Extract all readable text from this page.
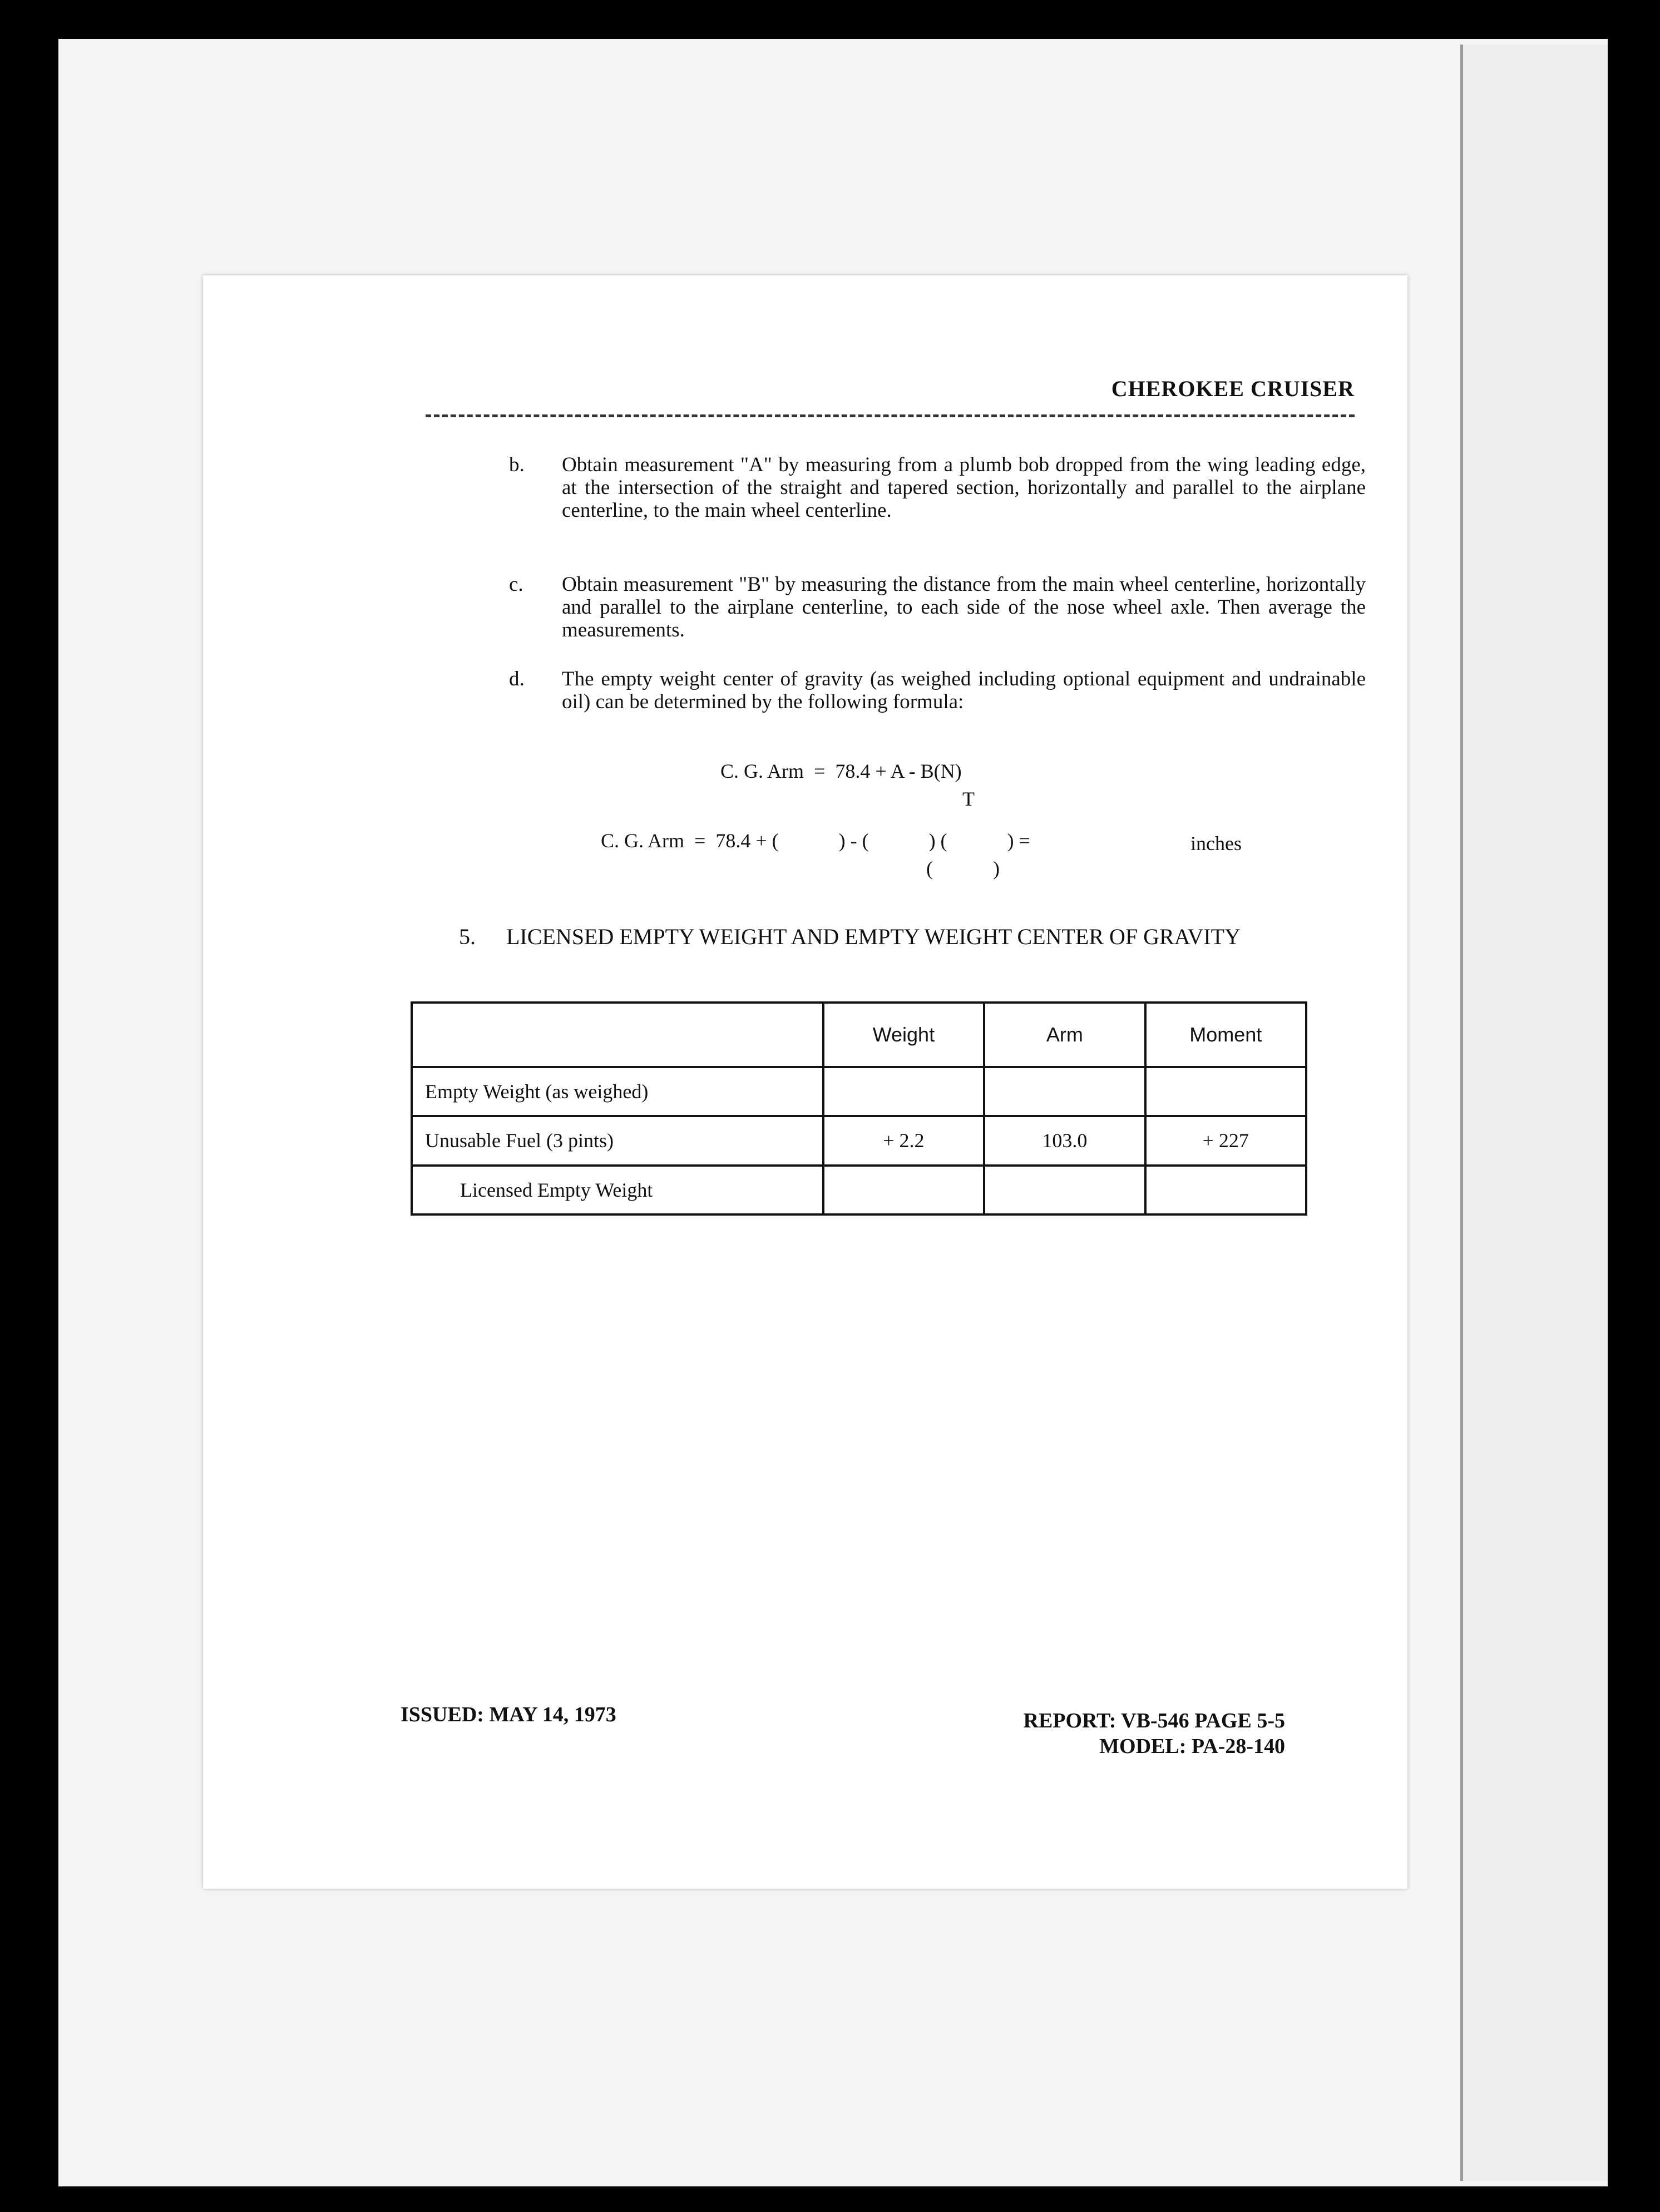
CHEROKEE CRUISER
b. Obtain measurement "A" by measuring from a plumb bob dropped from the wing leading edge, at the intersection of the straight and tapered section, horizontally and parallel to the airplane centerline, to the main wheel centerline.
c. Obtain measurement "B" by measuring the distance from the main wheel centerline, horizontally and parallel to the airplane centerline, to each side of the nose wheel axle. Then average the measurements.
d. The empty weight center of gravity (as weighed including optional equipment and undrainable oil) can be determined by the following formula:
C. G. Arm  =  78.4 + A - B(N)
T
C. G. Arm  =  78.4 + (            ) - (            ) (            ) =
(            )
inches
5. LICENSED EMPTY WEIGHT AND EMPTY WEIGHT CENTER OF GRAVITY
	Weight	Arm	Moment
Empty Weight (as weighed)			
Unusable Fuel (3 pints)	+ 2.2	103.0	+ 227
Licensed Empty Weight			
ISSUED: MAY 14, 1973	REPORT: VB-546 PAGE 5-5
MODEL: PA-28-140
